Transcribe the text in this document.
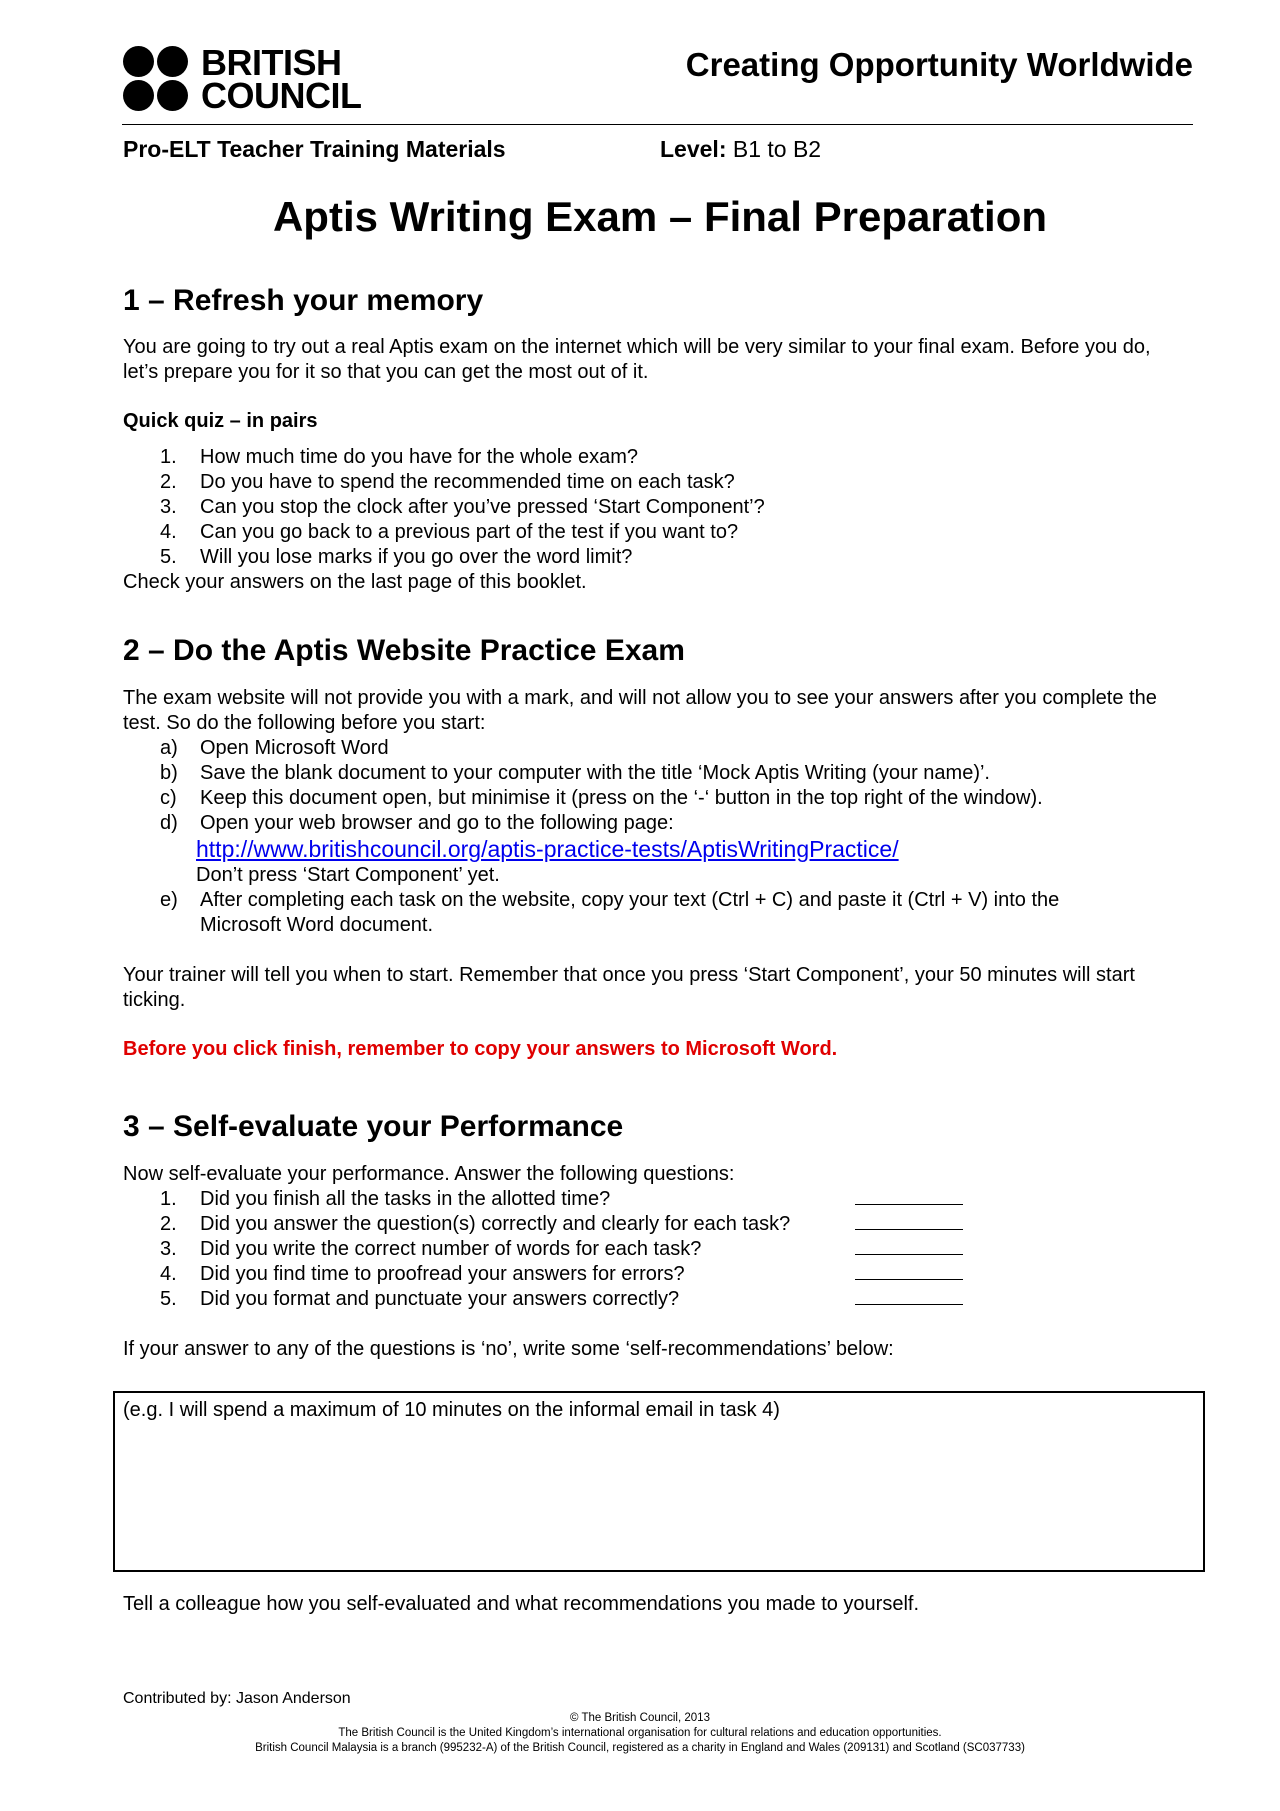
BRITISH
COUNCIL
Creating Opportunity Worldwide
Pro-ELT Teacher Training Materials	Level: B1 to B2
Aptis Writing Exam – Final Preparation
1 – Refresh your memory
You are going to try out a real Aptis exam on the internet which will be very similar to your final exam. Before you do, let’s prepare you for it so that you can get the most out of it.
Quick quiz – in pairs
1.	How much time do you have for the whole exam?
2.	Do you have to spend the recommended time on each task?
3.	Can you stop the clock after you’ve pressed ‘Start Component’?
4.	Can you go back to a previous part of the test if you want to?
5.	Will you lose marks if you go over the word limit?
Check your answers on the last page of this booklet.
2 – Do the Aptis Website Practice Exam
The exam website will not provide you with a mark, and will not allow you to see your answers after you complete the test. So do the following before you start:
a)	Open Microsoft Word
b)	Save the blank document to your computer with the title ‘Mock Aptis Writing (your name)’.
c)	Keep this document open, but minimise it (press on the ‘-‘ button in the top right of the window).
d)	Open your web browser and go to the following page:
http://www.britishcouncil.org/aptis-practice-tests/AptisWritingPractice/
Don’t press ‘Start Component’ yet.
e)	After completing each task on the website, copy your text (Ctrl + C) and paste it (Ctrl + V) into the
Microsoft Word document.
Your trainer will tell you when to start. Remember that once you press ‘Start Component’, your 50 minutes will start ticking.
Before you click finish, remember to copy your answers to Microsoft Word.
3 – Self-evaluate your Performance
Now self-evaluate your performance. Answer the following questions:
1.	Did you finish all the tasks in the allotted time?
2.	Did you answer the question(s) correctly and clearly for each task?
3.	Did you write the correct number of words for each task?
4.	Did you find time to proofread your answers for errors?
5.	Did you format and punctuate your answers correctly?
If your answer to any of the questions is ‘no’, write some ‘self-recommendations’ below:
(e.g. I will spend a maximum of 10 minutes on the informal email in task 4)
Tell a colleague how you self-evaluated and what recommendations you made to yourself.
Contributed by: Jason Anderson
© The British Council, 2013
The British Council is the United Kingdom’s international organisation for cultural relations and education opportunities.
British Council Malaysia is a branch (995232-A) of the British Council, registered as a charity in England and Wales (209131) and Scotland (SC037733)
